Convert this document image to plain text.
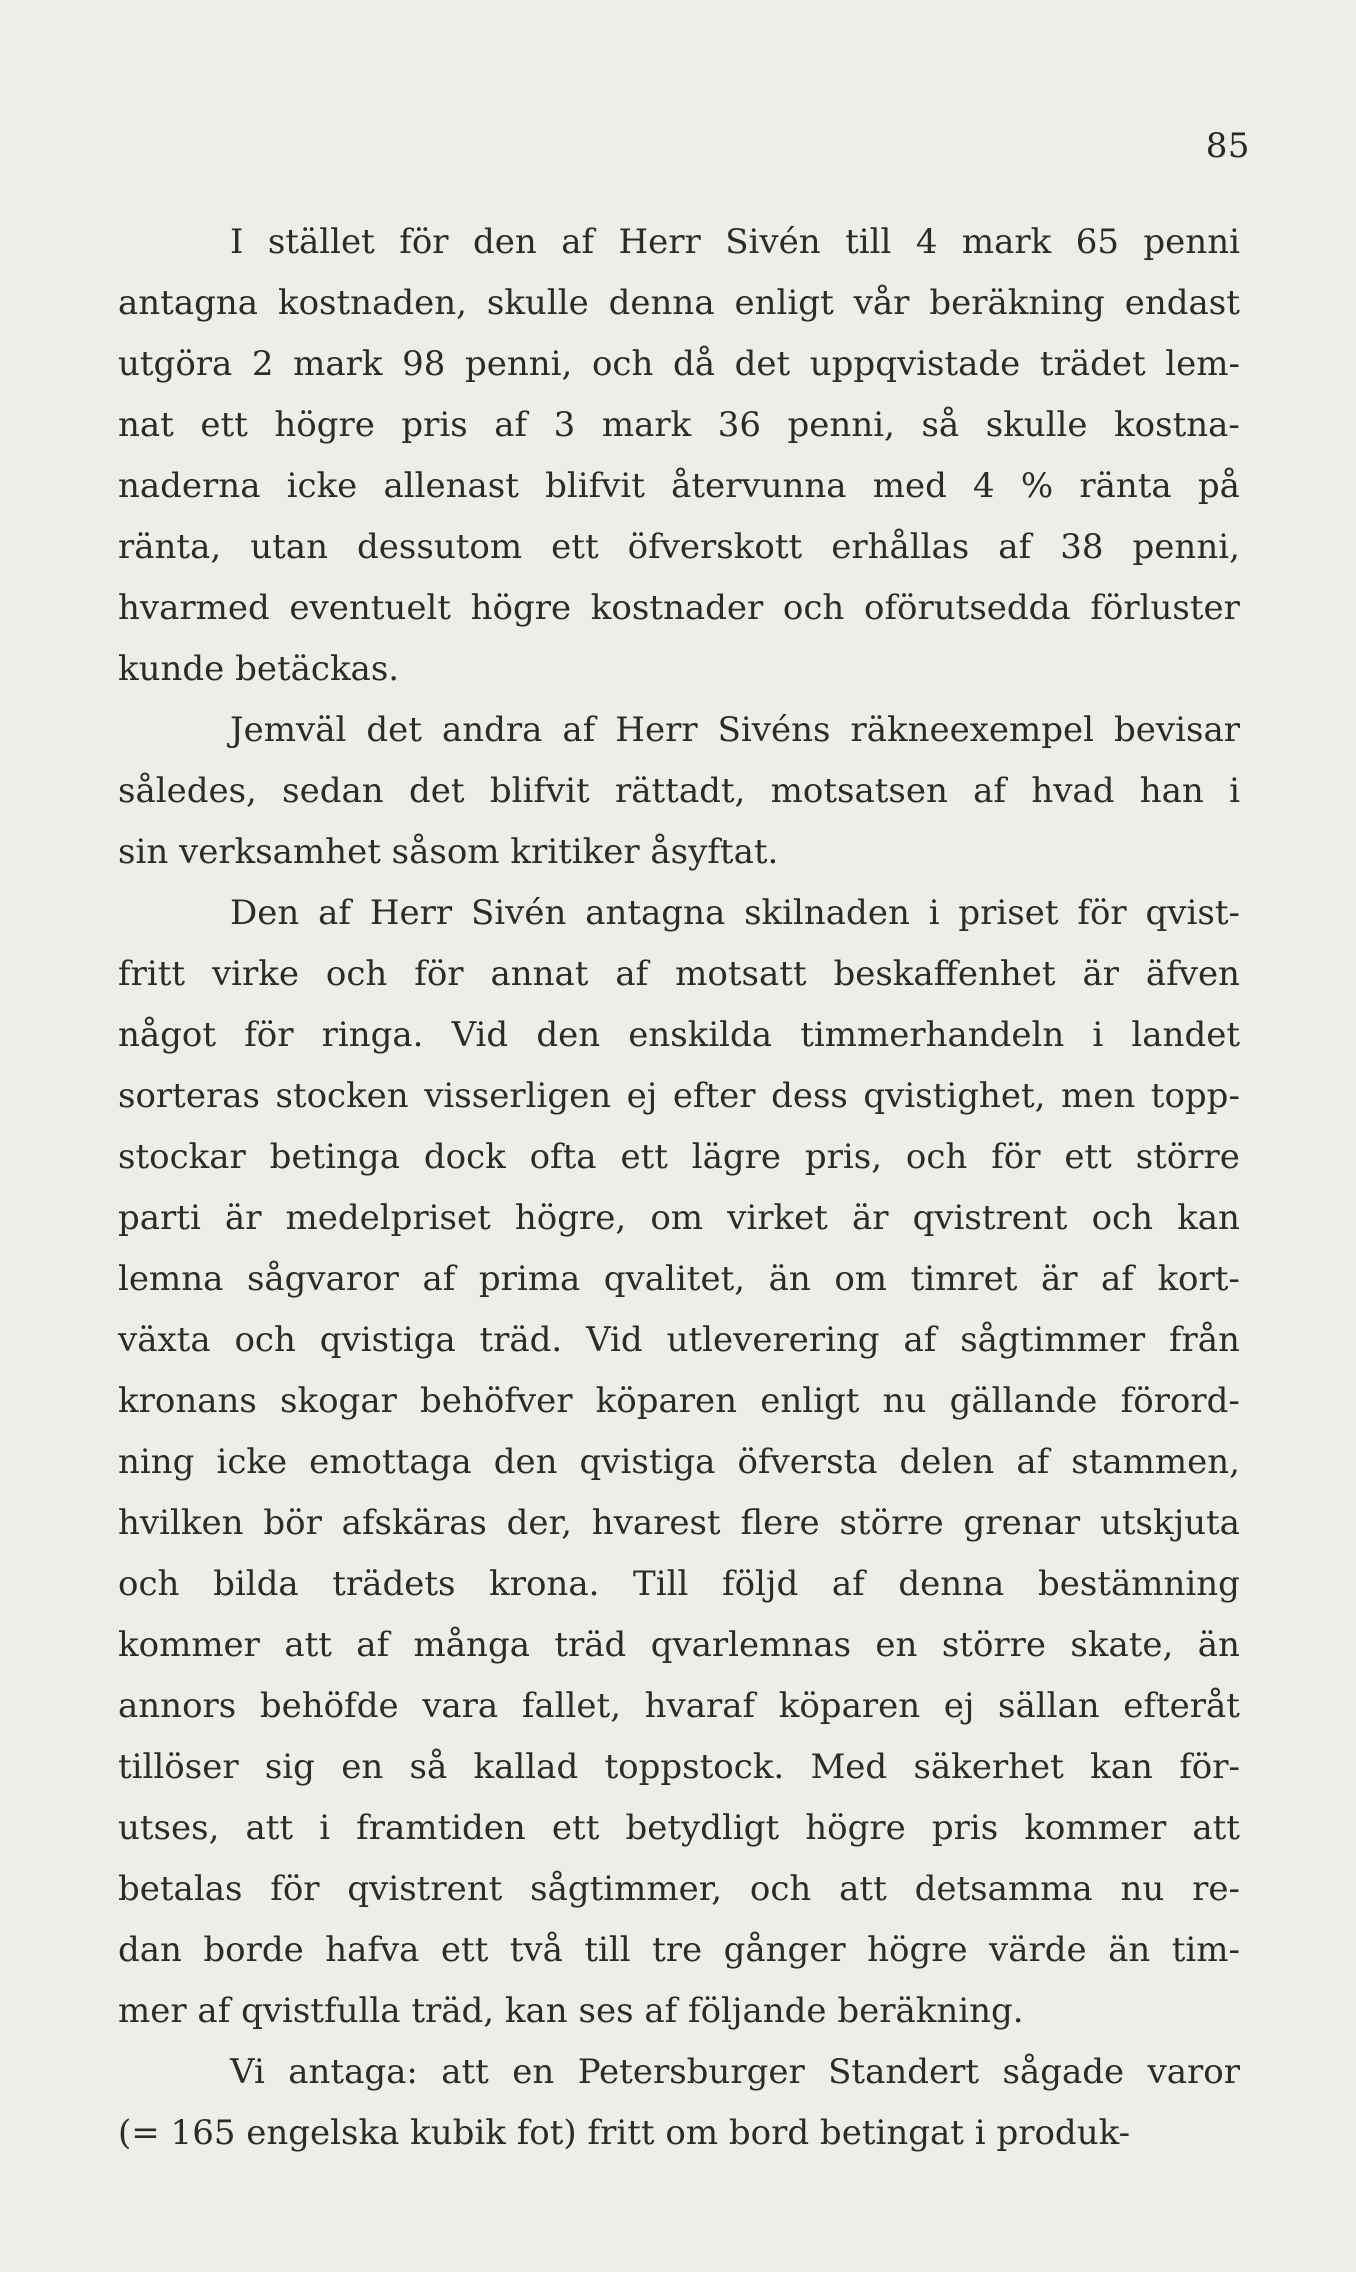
85
I stället för den af Herr Sivén till 4 mark 65 penni
antagna kostnaden, skulle denna enligt vår beräkning endast
utgöra 2 mark 98 penni, och då det uppqvistade trädet lem-
nat ett högre pris af 3 mark 36 penni, så skulle kostna-
naderna icke allenast blifvit återvunna med 4 % ränta på
ränta, utan dessutom ett öfverskott erhållas af 38 penni,
hvarmed eventuelt högre kostnader och oförutsedda förluster
kunde betäckas.
Jemväl det andra af Herr Sivéns räkneexempel bevisar
således, sedan det blifvit rättadt, motsatsen af hvad han i
sin verksamhet såsom kritiker åsyftat.
Den af Herr Sivén antagna skilnaden i priset för qvist-
fritt virke och för annat af motsatt beskaffenhet är äfven
något för ringa. Vid den enskilda timmerhandeln i landet
sorteras stocken visserligen ej efter dess qvistighet, men topp-
stockar betinga dock ofta ett lägre pris, och för ett större
parti är medelpriset högre, om virket är qvistrent och kan
lemna sågvaror af prima qvalitet, än om timret är af kort-
växta och qvistiga träd. Vid utleverering af sågtimmer från
kronans skogar behöfver köparen enligt nu gällande förord-
ning icke emottaga den qvistiga öfversta delen af stammen,
hvilken bör afskäras der, hvarest flere större grenar utskjuta
och bilda trädets krona. Till följd af denna bestämning
kommer att af många träd qvarlemnas en större skate, än
annors behöfde vara fallet, hvaraf köparen ej sällan efteråt
tillöser sig en så kallad toppstock. Med säkerhet kan för-
utses, att i framtiden ett betydligt högre pris kommer att
betalas för qvistrent sågtimmer, och att detsamma nu re-
dan borde hafva ett två till tre gånger högre värde än tim-
mer af qvistfulla träd, kan ses af följande beräkning.
Vi antaga: att en Petersburger Standert sågade varor
(= 165 engelska kubik fot) fritt om bord betingat i produk-
